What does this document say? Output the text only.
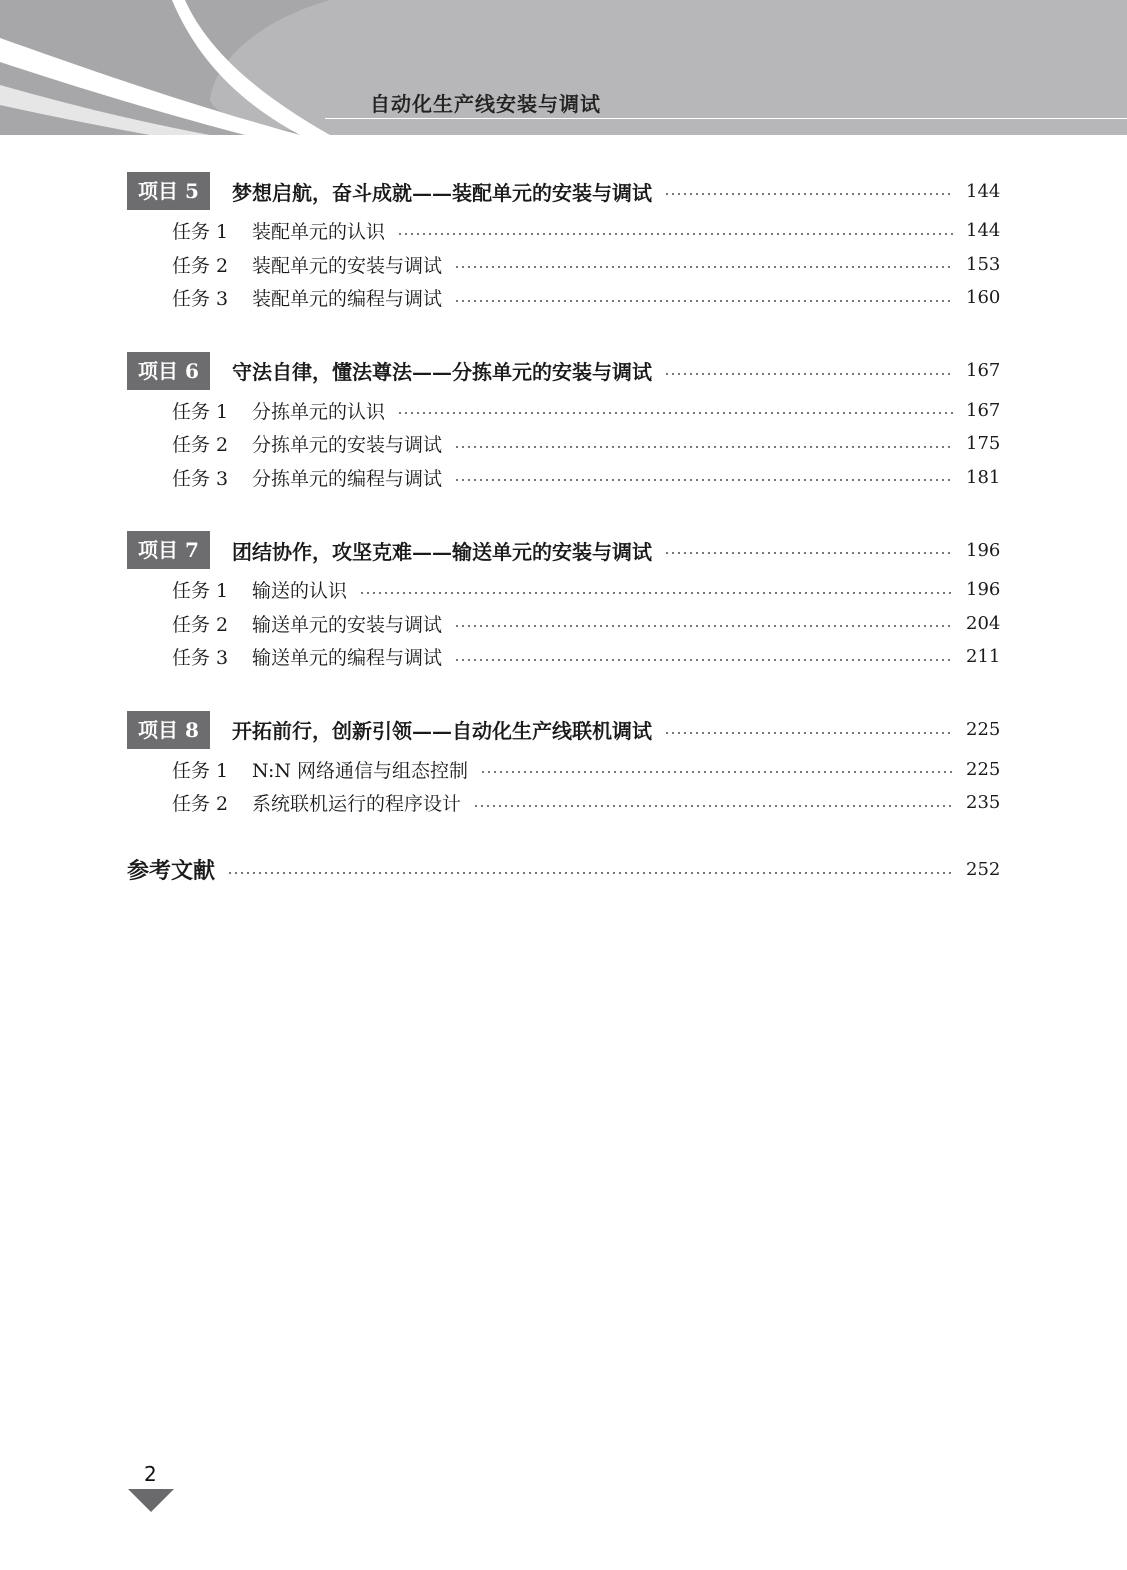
自动化生产线安装与调试
项目 5	梦想启航，奋斗成就——装配单元的安装与调试	144
任务 1	装配单元的认识	144
任务 2	装配单元的安装与调试	153
任务 3	装配单元的编程与调试	160
项目 6	守法自律，懂法尊法——分拣单元的安装与调试	167
任务 1	分拣单元的认识	167
任务 2	分拣单元的安装与调试	175
任务 3	分拣单元的编程与调试	181
项目 7	团结协作，攻坚克难——输送单元的安装与调试	196
任务 1	输送的认识	196
任务 2	输送单元的安装与调试	204
任务 3	输送单元的编程与调试	211
项目 8	开拓前行，创新引领——自动化生产线联机调试	225
任务 1	N:N 网络通信与组态控制	225
任务 2	系统联机运行的程序设计	235
参考文献	252
2
